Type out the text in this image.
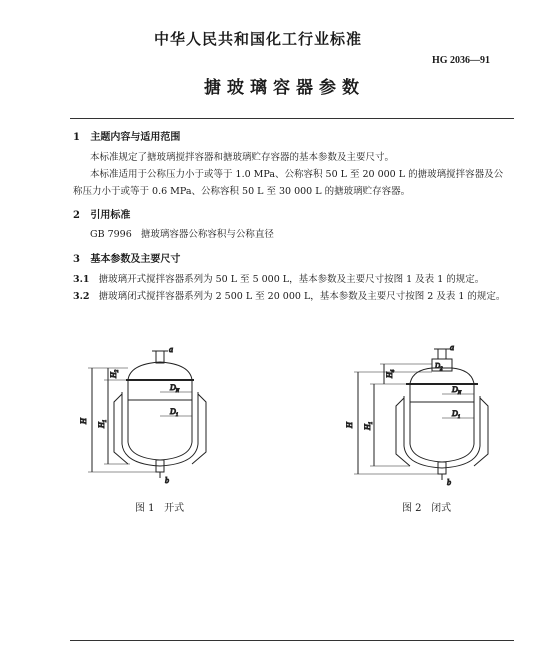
中华人民共和国化工行业标准
HG 2036—91
搪玻璃容器参数
1 主题内容与适用范围
本标准规定了搪玻璃搅拌容器和搪玻璃贮存容器的基本参数及主要尺寸。
本标准适用于公称压力小于或等于 1.0 MPa、公称容积 50 L 至 20 000 L 的搪玻璃搅拌容器及公
称压力小于或等于 0.6 MPa、公称容积 50 L 至 30 000 L 的搪玻璃贮存容器。
2 引用标准
GB 7996   搪玻璃容器公称容积与公称直径
3 基本参数及主要尺寸
3.1 搪玻璃开式搅拌容器系列为 50 L 至 5 000 L，基本参数及主要尺寸按图 1 及表 1 的规定。
3.2 搪玻璃闭式搅拌容器系列为 2 500 L 至 20 000 L，基本参数及主要尺寸按图 2 及表 1 的规定。
a
b
H
$H_1$
$H_2$
$D_N$
$D_1$
图 1   开式
a
b
H $H_1$
$H_4$
$D_2$
$D_N$
$D_1$
图 2   闭式
